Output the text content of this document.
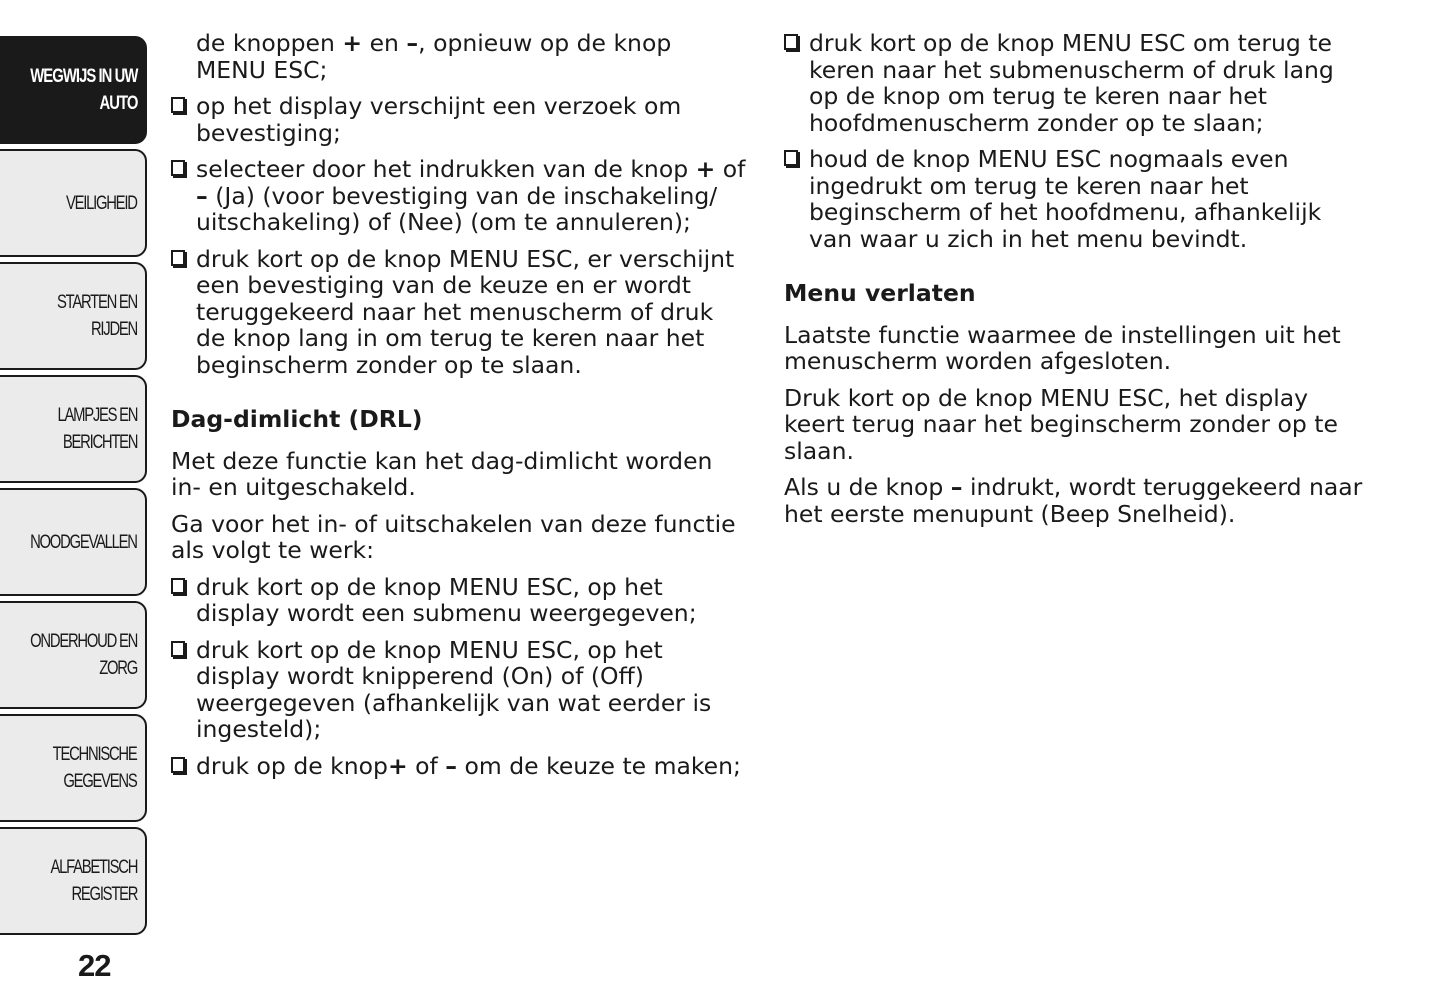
WEGWIJS IN UW
AUTO
VEILIGHEID
STARTEN EN RIJDEN
LAMPJES EN
BERICHTEN
NOODGEVALLEN
ONDERHOUD EN
ZORG
TECHNISCHE
GEGEVENS
ALFABETISCH
REGISTER
22
de knoppen + en –, opnieuw op de knop MENU ESC;
op het display verschijnt een verzoek om bevestiging;
selecteer door het indrukken van de knop + of – (Ja) (voor bevestiging van de inschakeling/ uitschakeling) of (Nee) (om te annuleren);
druk kort op de knop MENU ESC, er verschijnt een bevestiging van de keuze en er wordt teruggekeerd naar het menuscherm of druk de knop lang in om terug te keren naar het beginscherm zonder op te slaan.
Dag-dimlicht (DRL)

Met deze functie kan het dag-dimlicht worden in- en uitgeschakeld.

Ga voor het in- of uitschakelen van deze functie als volgt te werk:

druk kort op de knop MENU ESC, op het display wordt een submenu weergegeven;
druk kort op de knop MENU ESC, op het display wordt knipperend (On) of (Off) weergegeven (afhankelijk van wat eerder is ingesteld);
druk op de knop+ of – om de keuze te maken;
druk kort op de knop MENU ESC om terug te keren naar het submenuscherm of druk lang op de knop om terug te keren naar het hoofdmenuscherm zonder op te slaan;
houd de knop MENU ESC nogmaals even ingedrukt om terug te keren naar het beginscherm of het hoofdmenu, afhankelijk van waar u zich in het menu bevindt.
Menu verlaten

Laatste functie waarmee de instellingen uit het menuscherm worden afgesloten.

Druk kort op de knop MENU ESC, het display keert terug naar het beginscherm zonder op te slaan.

Als u de knop – indrukt, wordt teruggekeerd naar het eerste menupunt (Beep Snelheid).
